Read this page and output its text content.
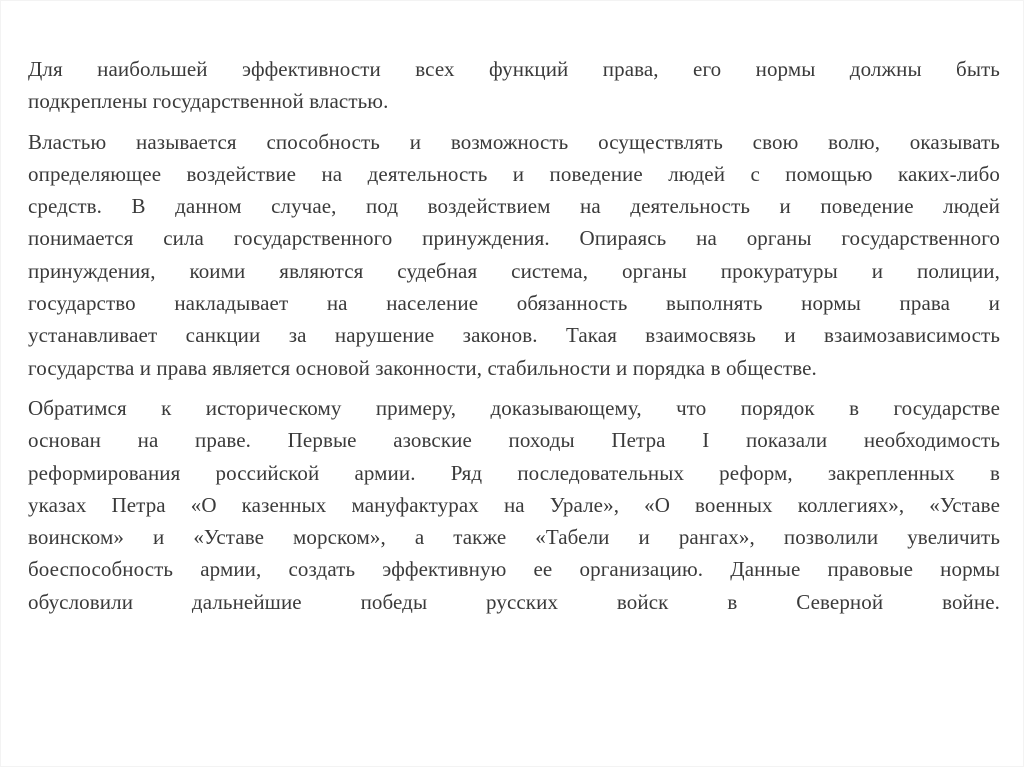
Для наибольшей эффективности всех функций права, его нормы должны быть
подкреплены государственной властью.

Властью называется способность и возможность осуществлять свою волю, оказывать
определяющее воздействие на деятельность и поведение людей с помощью каких-либо
средств. В данном случае, под воздействием на деятельность и поведение людей
понимается сила государственного принуждения. Опираясь на органы государственного
принуждения, коими являются судебная система, органы прокуратуры и полиции,
государство накладывает на население обязанность выполнять нормы права и
устанавливает санкции за нарушение законов. Такая взаимосвязь и взаимозависимость
государства и права является основой законности, стабильности и порядка в обществе.

Обратимся к историческому примеру, доказывающему, что порядок в государстве
основан на праве. Первые азовские походы Петра I показали необходимость
реформирования российской армии. Ряд последовательных реформ, закрепленных в
указах Петра «О казенных мануфактурах на Урале», «О военных коллегиях», «Уставе
воинском» и «Уставе морском», а также «Табели и рангах», позволили увеличить
боеспособность армии, создать эффективную ее организацию. Данные правовые нормы
обусловили дальнейшие победы русских войск в Северной войне.
